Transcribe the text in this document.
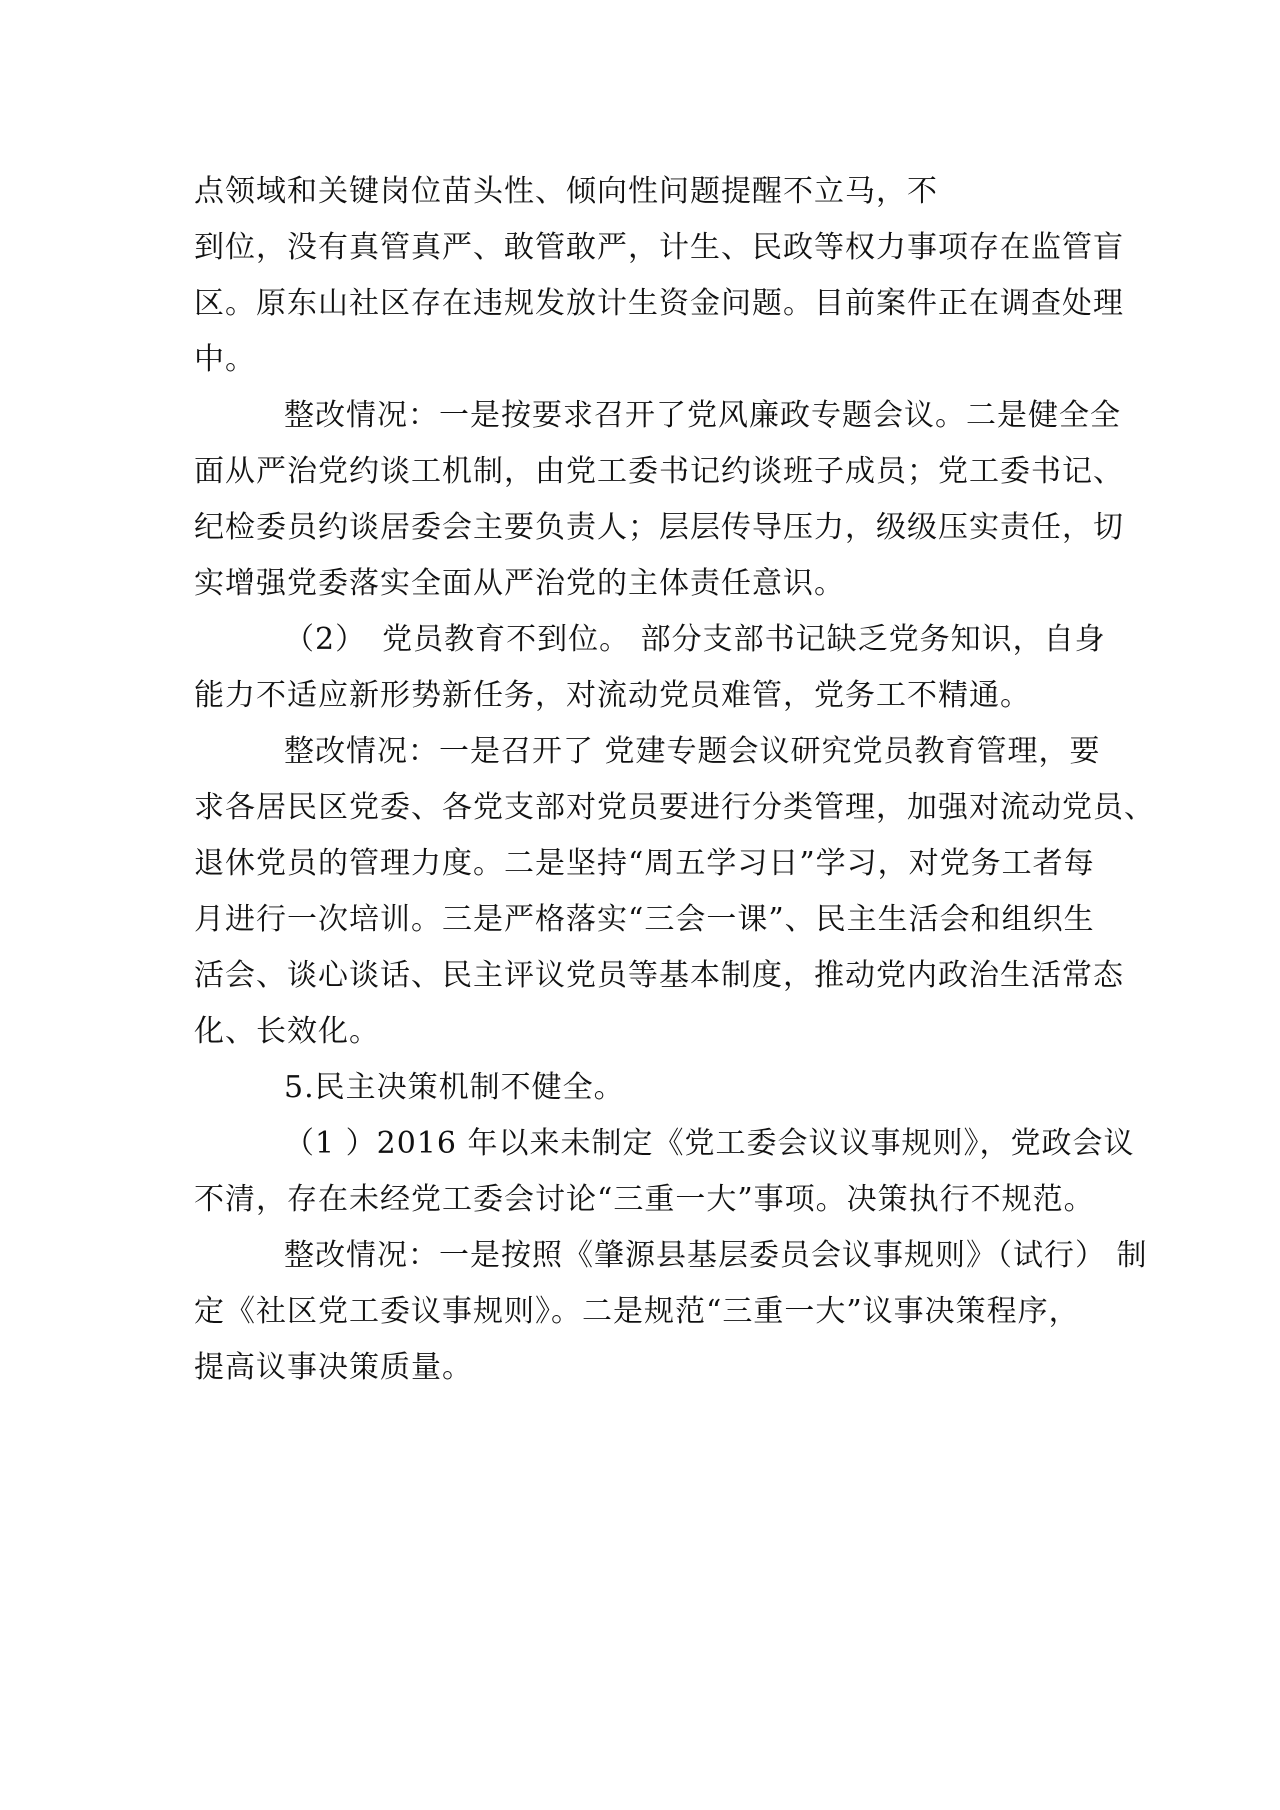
点领域和关键岗位苗头性、倾向性问题提醒不立马，不

到位，没有真管真严、敢管敢严，计生、民政等权力事项存在监管盲

区。原东山社区存在违规发放计生资金问题。目前案件正在调查处理

中。

整改情况：一是按要求召开了党风廉政专题会议。二是健全全

面从严治党约谈工机制，由党工委书记约谈班子成员；党工委书记、

纪检委员约谈居委会主要负责人；层层传导压力，级级压实责任，切

实增强党委落实全面从严治党的主体责任意识。

（2）　党员教育不到位。 部分支部书记缺乏党务知识，自身

能力不适应新形势新任务，对流动党员难管，党务工不精通。

整改情况：一是召开了 党建专题会议研究党员教育管理，要

求各居民区党委、各党支部对党员要进行分类管理，加强对流动党员、

退休党员的管理力度。二是坚持“周五学习日”学习，对党务工者每

月进行一次培训。三是严格落实“三会一课”、民主生活会和组织生

活会、谈心谈话、民主评议党员等基本制度，推动党内政治生活常态

化、长效化。

5.民主决策机制不健全。

（1 ）2016 年以来未制定《党工委会议议事规则》，党政会议

不清，存在未经党工委会讨论“三重一大”事项。决策执行不规范。

整改情况：一是按照《肇源县基层委员会议事规则》（试行） 制

定《社区党工委议事规则》。二是规范“三重一大”议事决策程序，

提高议事决策质量。
